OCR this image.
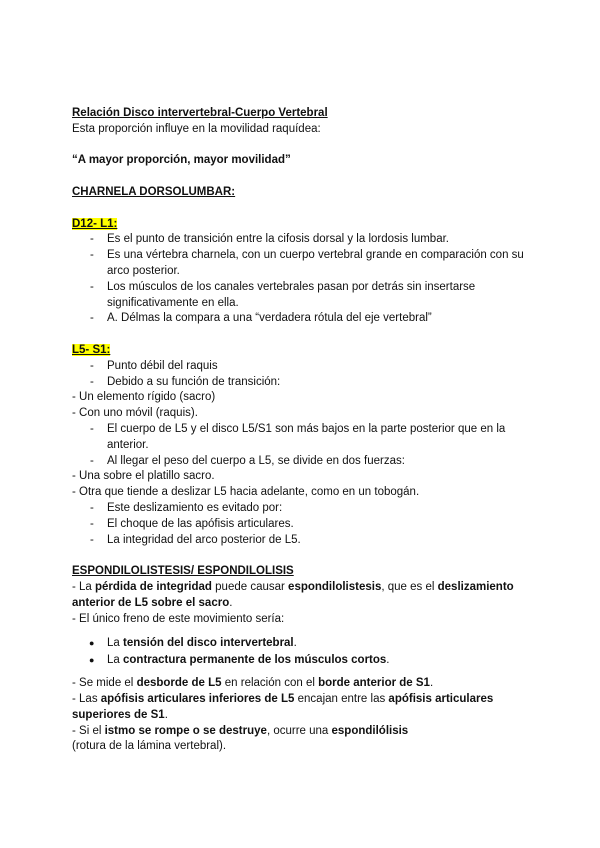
Relación Disco intervertebral-Cuerpo Vertebral

Esta proporción influye en la movilidad raquídea:

“A mayor proporción, mayor movilidad”

CHARNELA DORSOLUMBAR:

D12- L1:

- Es el punto de transición entre la cifosis dorsal y la lordosis lumbar.
- Es una vértebra charnela, con un cuerpo vertebral grande en comparación con su arco posterior.
- Los músculos de los canales vertebrales pasan por detrás sin insertarse significativamente en ella.
- A. Délmas la compara a una “verdadera rótula del eje vertebral”

L5- S1:

- Punto débil del raquis
- Debido a su función de transición:

- Un elemento rígido (sacro)

- Con uno móvil (raquis).

- El cuerpo de L5 y el disco L5/S1 son más bajos en la parte posterior que en la anterior.
- Al llegar el peso del cuerpo a L5, se divide en dos fuerzas:

- Una sobre el platillo sacro.

- Otra que tiende a deslizar L5 hacia adelante, como en un tobogán.

- Este deslizamiento es evitado por:
- El choque de las apófisis articulares.
- La integridad del arco posterior de L5.

ESPONDILOLISTESIS/ ESPONDILOLISIS

- La pérdida de integridad puede causar espondilolistesis, que es el deslizamiento anterior de L5 sobre el sacro.

- El único freno de este movimiento sería:

● La tensión del disco intervertebral.
● La contractura permanente de los músculos cortos.

- Se mide el desborde de L5 en relación con el borde anterior de S1.

- Las apófisis articulares inferiores de L5 encajan entre las apófisis articulares superiores de S1.

- Si el istmo se rompe o se destruye, ocurre una espondilólisis

(rotura de la lámina vertebral).
